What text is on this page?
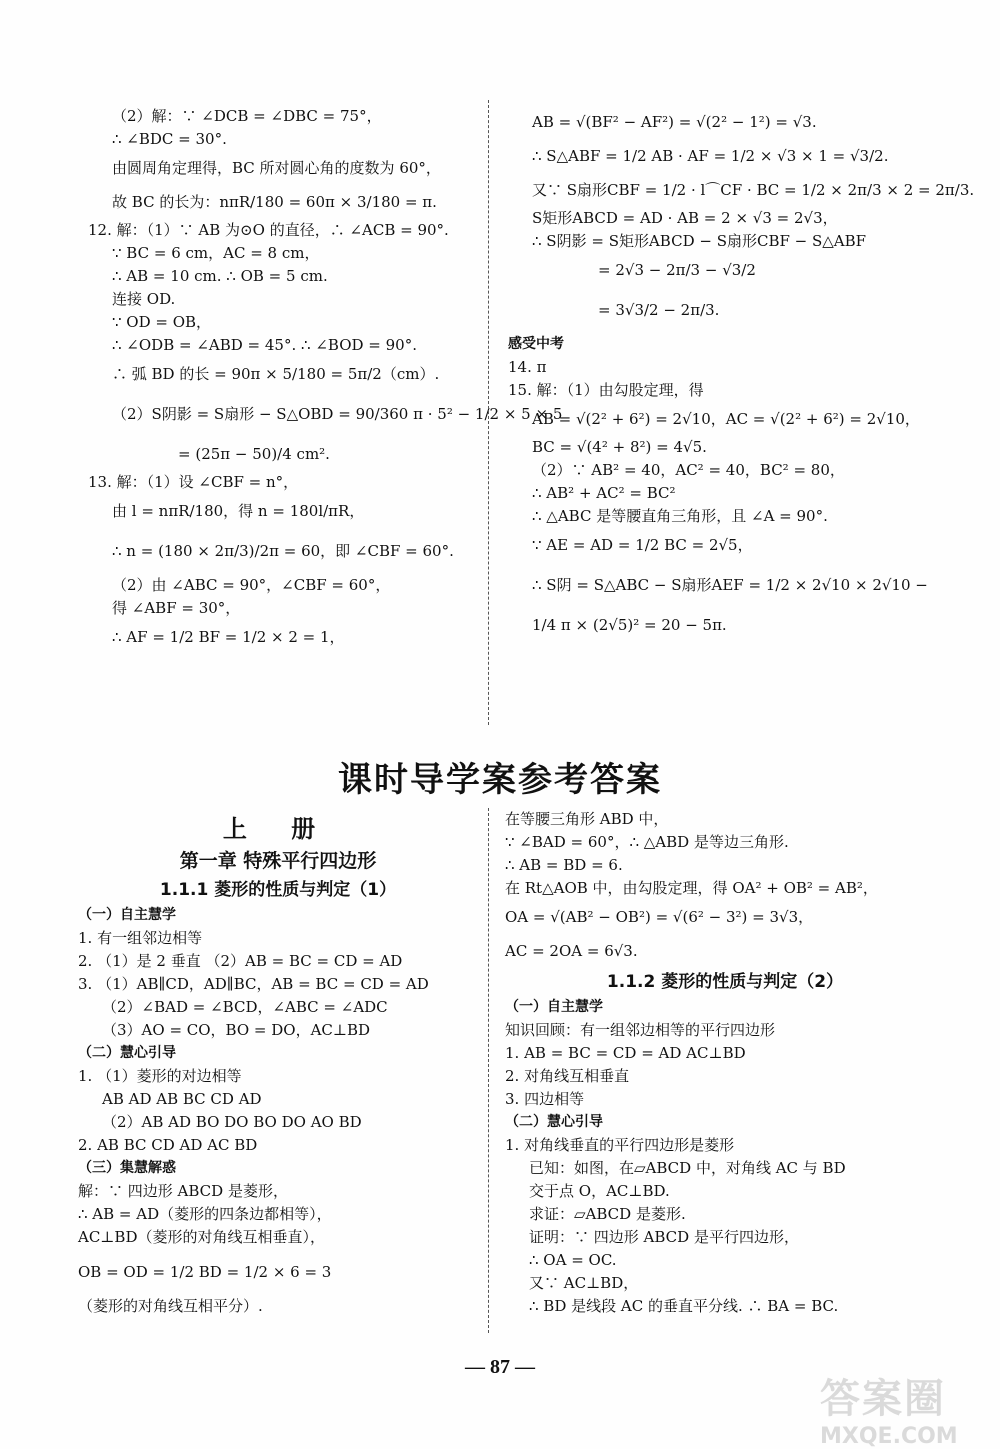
（2）解：∵ ∠DCB = ∠DBC = 75°，
∴ ∠BDC = 30°.
由圆周角定理得，BC 所对圆心角的度数为 60°，
故 BC 的长为：nπR/180 = 60π × 3/180 = π.
12. 解：（1）∵ AB 为⊙O 的直径，∴ ∠ACB = 90°.
∵ BC = 6 cm，AC = 8 cm，
∴ AB = 10 cm. ∴ OB = 5 cm.
连接 OD.
∵ OD = OB，
∴ ∠ODB = ∠ABD = 45°. ∴ ∠BOD = 90°.
∴ 弧 BD 的长 = 90π × 5/180 = 5π/2（cm）.
（2）S阴影 = S扇形 − S△OBD = 90/360 π · 5² − 1/2 × 5 × 5
= (25π − 50)/4 cm².
13. 解：（1）设 ∠CBF = n°，
由 l = nπR/180，得 n = 180l/πR，
∴ n = (180 × 2π/3)/2π = 60，即 ∠CBF = 60°.
（2）由 ∠ABC = 90°，∠CBF = 60°，
得 ∠ABF = 30°，
∴ AF = 1/2 BF = 1/2 × 2 = 1，
AB = √(BF² − AF²) = √(2² − 1²) = √3.
∴ S△ABF = 1/2 AB · AF = 1/2 × √3 × 1 = √3/2.
又∵ S扇形CBF = 1/2 · l⌒CF · BC = 1/2 × 2π/3 × 2 = 2π/3.
S矩形ABCD = AD · AB = 2 × √3 = 2√3，
∴ S阴影 = S矩形ABCD − S扇形CBF − S△ABF
= 2√3 − 2π/3 − √3/2
= 3√3/2 − 2π/3.
感受中考
14. π
15. 解：（1）由勾股定理，得
AB = √(2² + 6²) = 2√10，AC = √(2² + 6²) = 2√10，
BC = √(4² + 8²) = 4√5.
（2）∵ AB² = 40，AC² = 40，BC² = 80，
∴ AB² + AC² = BC²
∴ △ABC 是等腰直角三角形，且 ∠A = 90°.
∵ AE = AD = 1/2 BC = 2√5，
∴ S阴 = S△ABC − S扇形AEF = 1/2 × 2√10 × 2√10 −
1/4 π × (2√5)² = 20 − 5π.
课时导学案参考答案
上 册
第一章 特殊平行四边形
1.1.1 菱形的性质与判定（1）
（一）自主慧学
1. 有一组邻边相等
2. （1）是 2 垂直 （2）AB = BC = CD = AD
3. （1）AB∥CD，AD∥BC，AB = BC = CD = AD
（2）∠BAD = ∠BCD，∠ABC = ∠ADC
（3）AO = CO，BO = DO，AC⊥BD
（二）慧心引导
1. （1）菱形的对边相等
AB AD AB BC CD AD
（2）AB AD BO DO BO DO AO BD
2. AB BC CD AD AC BD
（三）集慧解惑
解：∵ 四边形 ABCD 是菱形，
∴ AB = AD（菱形的四条边都相等），
AC⊥BD（菱形的对角线互相垂直），
OB = OD = 1/2 BD = 1/2 × 6 = 3
（菱形的对角线互相平分）.
在等腰三角形 ABD 中，
∵ ∠BAD = 60°，∴ △ABD 是等边三角形.
∴ AB = BD = 6.
在 Rt△AOB 中，由勾股定理，得 OA² + OB² = AB²，
OA = √(AB² − OB²) = √(6² − 3²) = 3√3，
AC = 2OA = 6√3.
1.1.2 菱形的性质与判定（2）
（一）自主慧学
知识回顾：有一组邻边相等的平行四边形
1. AB = BC = CD = AD AC⊥BD
2. 对角线互相垂直
3. 四边相等
（二）慧心引导
1. 对角线垂直的平行四边形是菱形
已知：如图，在▱ABCD 中，对角线 AC 与 BD
交于点 O，AC⊥BD.
求证：▱ABCD 是菱形.
证明：∵ 四边形 ABCD 是平行四边形，
∴ OA = OC.
又∵ AC⊥BD，
∴ BD 是线段 AC 的垂直平分线. ∴ BA = BC.
— 87 —
答案圈
MXQE.COM
